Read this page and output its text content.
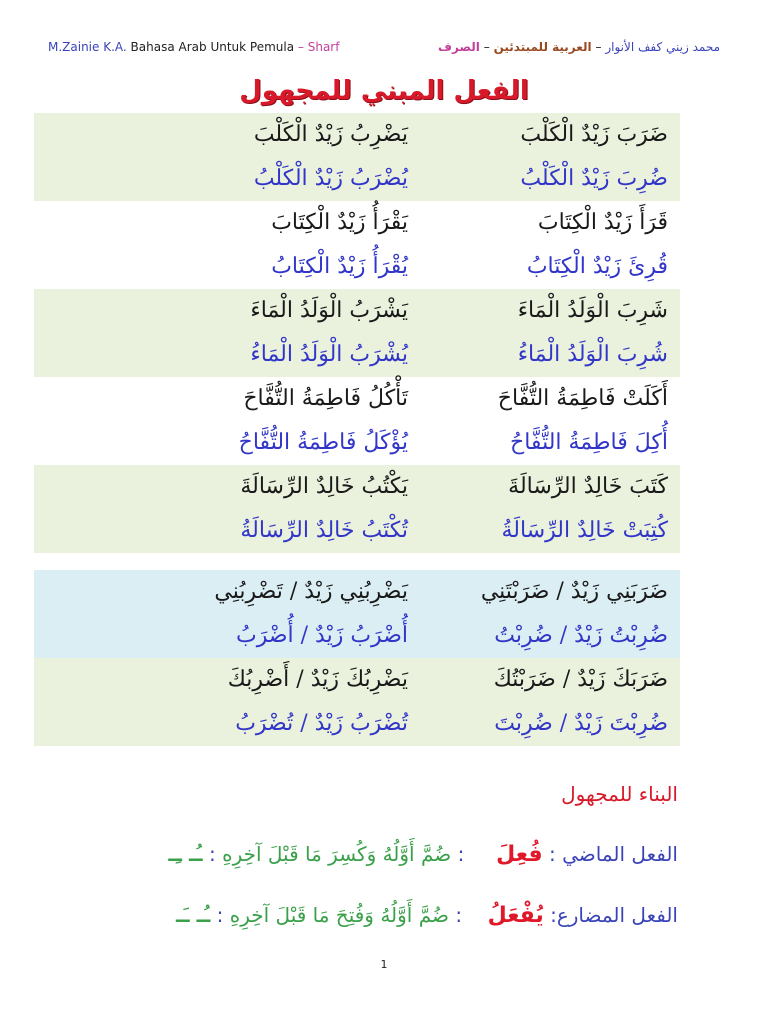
M.Zainie K.A. Bahasa Arab Untuk Pemula – Sharf	محمد زيني كفف الأنوار – العربية للمبتدئين – الصرف
الفعل المبني للمجهول
ضَرَبَ زَيْدٌ الْكَلْبَ
يَضْرِبُ زَيْدٌ الْكَلْبَ
ضُرِبَ زَيْدٌ الْكَلْبُ
يُضْرَبُ زَيْدٌ الْكَلْبُ
قَرَأَ زَيْدٌ الْكِتَابَ
يَقْرَأُ زَيْدٌ الْكِتَابَ
قُرِئَ زَيْدٌ الْكِتَابُ
يُقْرَأُ زَيْدٌ الْكِتَابُ
شَرِبَ الْوَلَدُ الْمَاءَ
يَشْرَبُ الْوَلَدُ الْمَاءَ
شُرِبَ الْوَلَدُ الْمَاءُ
يُشْرَبُ الْوَلَدُ الْمَاءُ
أَكَلَتْ فَاطِمَةُ التُّفَّاحَ
تَأْكُلُ فَاطِمَةُ التُّفَّاحَ
أُكِلَ فَاطِمَةُ التُّفَّاحُ
يُؤْكَلُ فَاطِمَةُ التُّفَّاحُ
كَتَبَ خَالِدٌ الرِّسَالَةَ
يَكْتُبُ خَالِدٌ الرِّسَالَةَ
كُتِبَتْ خَالِدٌ الرِّسَالَةُ
تُكْتَبُ خَالِدٌ الرِّسَالَةُ
ضَرَبَنِي زَيْدٌ / ضَرَبْتَنِي
يَضْرِبُنِي زَيْدٌ / تَضْرِبُنِي
ضُرِبْتُ زَيْدٌ / ضُرِبْتُ
أُضْرَبُ زَيْدٌ / أُضْرَبُ
ضَرَبَكَ زَيْدٌ / ضَرَبْتُكَ
يَضْرِبُكَ زَيْدٌ / أَضْرِبُكَ
ضُرِبْتَ زَيْدٌ / ضُرِبْتَ
تُضْرَبُ زَيْدٌ / تُضْرَبُ
البناء للمجهول
الفعل الماضي : فُعِلَ     : ضُمَّ أَوَّلُهُ وَكُسِرَ مَا قَبْلَ آخِرِهِ : ـُـ ـِـ
الفعل المضارع: يُفْعَلُ    : ضُمَّ أَوَّلُهُ وَفُتِحَ مَا قَبْلَ آخِرِهِ : ـُـ ـَـ
1
